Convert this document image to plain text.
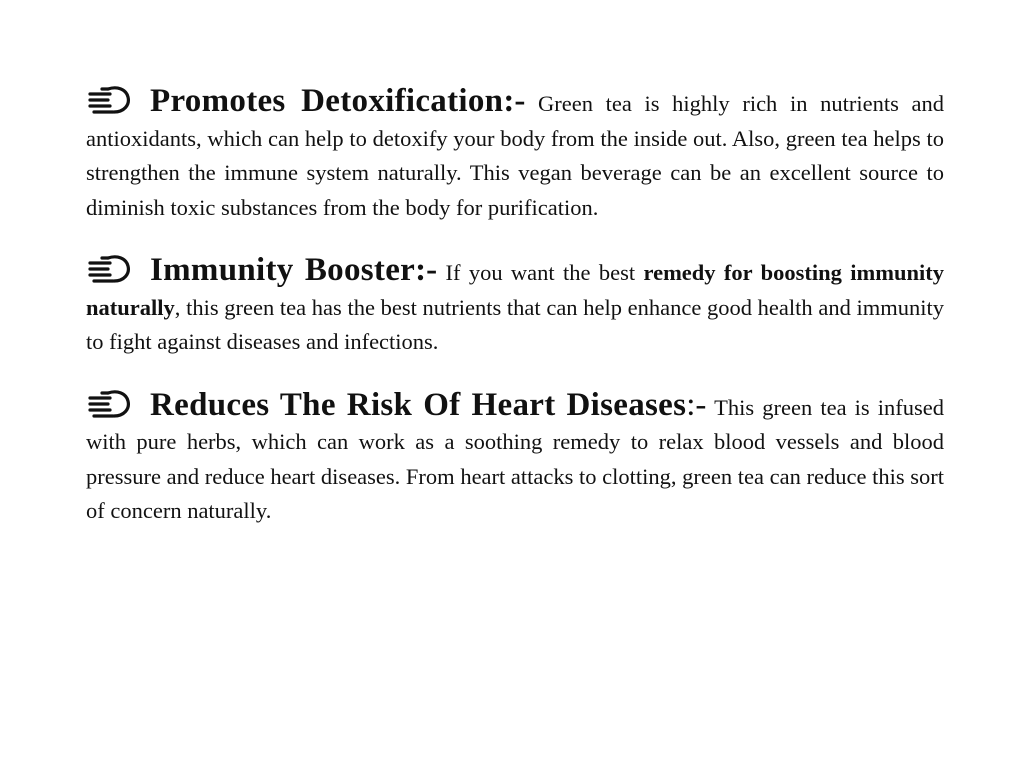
Promotes Detoxification:- Green tea is highly rich in nutrients and antioxidants, which can help to detoxify your body from the inside out. Also, green tea helps to strengthen the immune system naturally. This vegan beverage can be an excellent source to diminish toxic substances from the body for purification.

Immunity Booster:- If you want the best remedy for boosting immunity naturally, this green tea has the best nutrients that can help enhance good health and immunity to fight against diseases and infections.

Reduces The Risk Of Heart Diseases:- This green tea is infused with pure herbs, which can work as a soothing remedy to relax blood vessels and blood pressure and reduce heart diseases. From heart attacks to clotting, green tea can reduce this sort of concern naturally.
